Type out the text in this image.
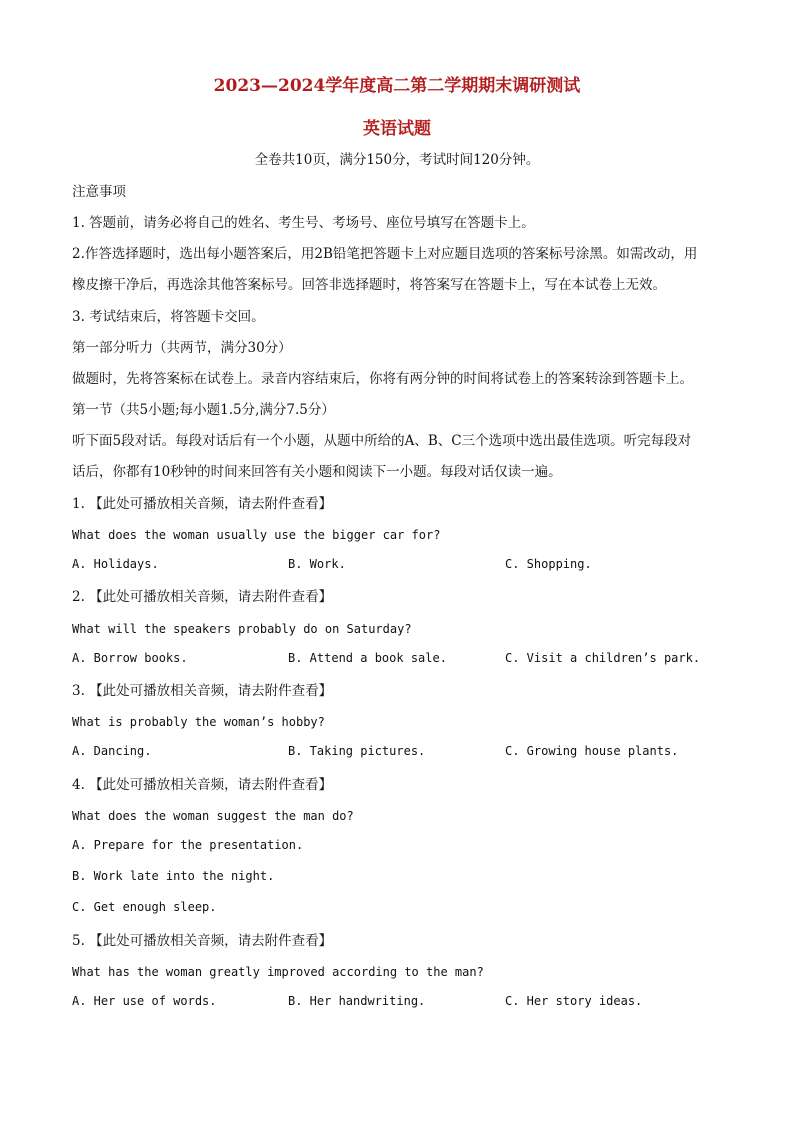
2023—2024学年度高二第二学期期末调研测试
英语试题
全卷共10页，满分150分，考试时间120分钟。
注意事项
1. 答题前，请务必将自己的姓名、考生号、考场号、座位号填写在答题卡上。
2.作答选择题时，选出每小题答案后，用2B铅笔把答题卡上对应题目选项的答案标号涂黑。如需改动，用
橡皮擦干净后，再选涂其他答案标号。回答非选择题时，将答案写在答题卡上，写在本试卷上无效。
3. 考试结束后，将答题卡交回。
第一部分听力（共两节，满分30分）
做题时，先将答案标在试卷上。录音内容结束后，你将有两分钟的时间将试卷上的答案转涂到答题卡上。
第一节（共5小题;每小题1.5分,满分7.5分）
听下面5段对话。每段对话后有一个小题，从题中所给的A、B、C三个选项中选出最佳选项。听完每段对
话后，你都有10秒钟的时间来回答有关小题和阅读下一小题。每段对话仅读一遍。
1. 【此处可播放相关音频，请去附件查看】
What does the woman usually use the bigger car for?
A. Holidays.	B. Work.	C. Shopping.
2. 【此处可播放相关音频，请去附件查看】
What will the speakers probably do on Saturday?
A. Borrow books.	B. Attend a book sale.	C. Visit a children’s park.
3. 【此处可播放相关音频，请去附件查看】
What is probably the woman’s hobby?
A. Dancing.	B. Taking pictures.	C. Growing house plants.
4. 【此处可播放相关音频，请去附件查看】
What does the woman suggest the man do?
A. Prepare for the presentation.
B. Work late into the night.
C. Get enough sleep.
5. 【此处可播放相关音频，请去附件查看】
What has the woman greatly improved according to the man?
A. Her use of words.	B. Her handwriting.	C. Her story ideas.
